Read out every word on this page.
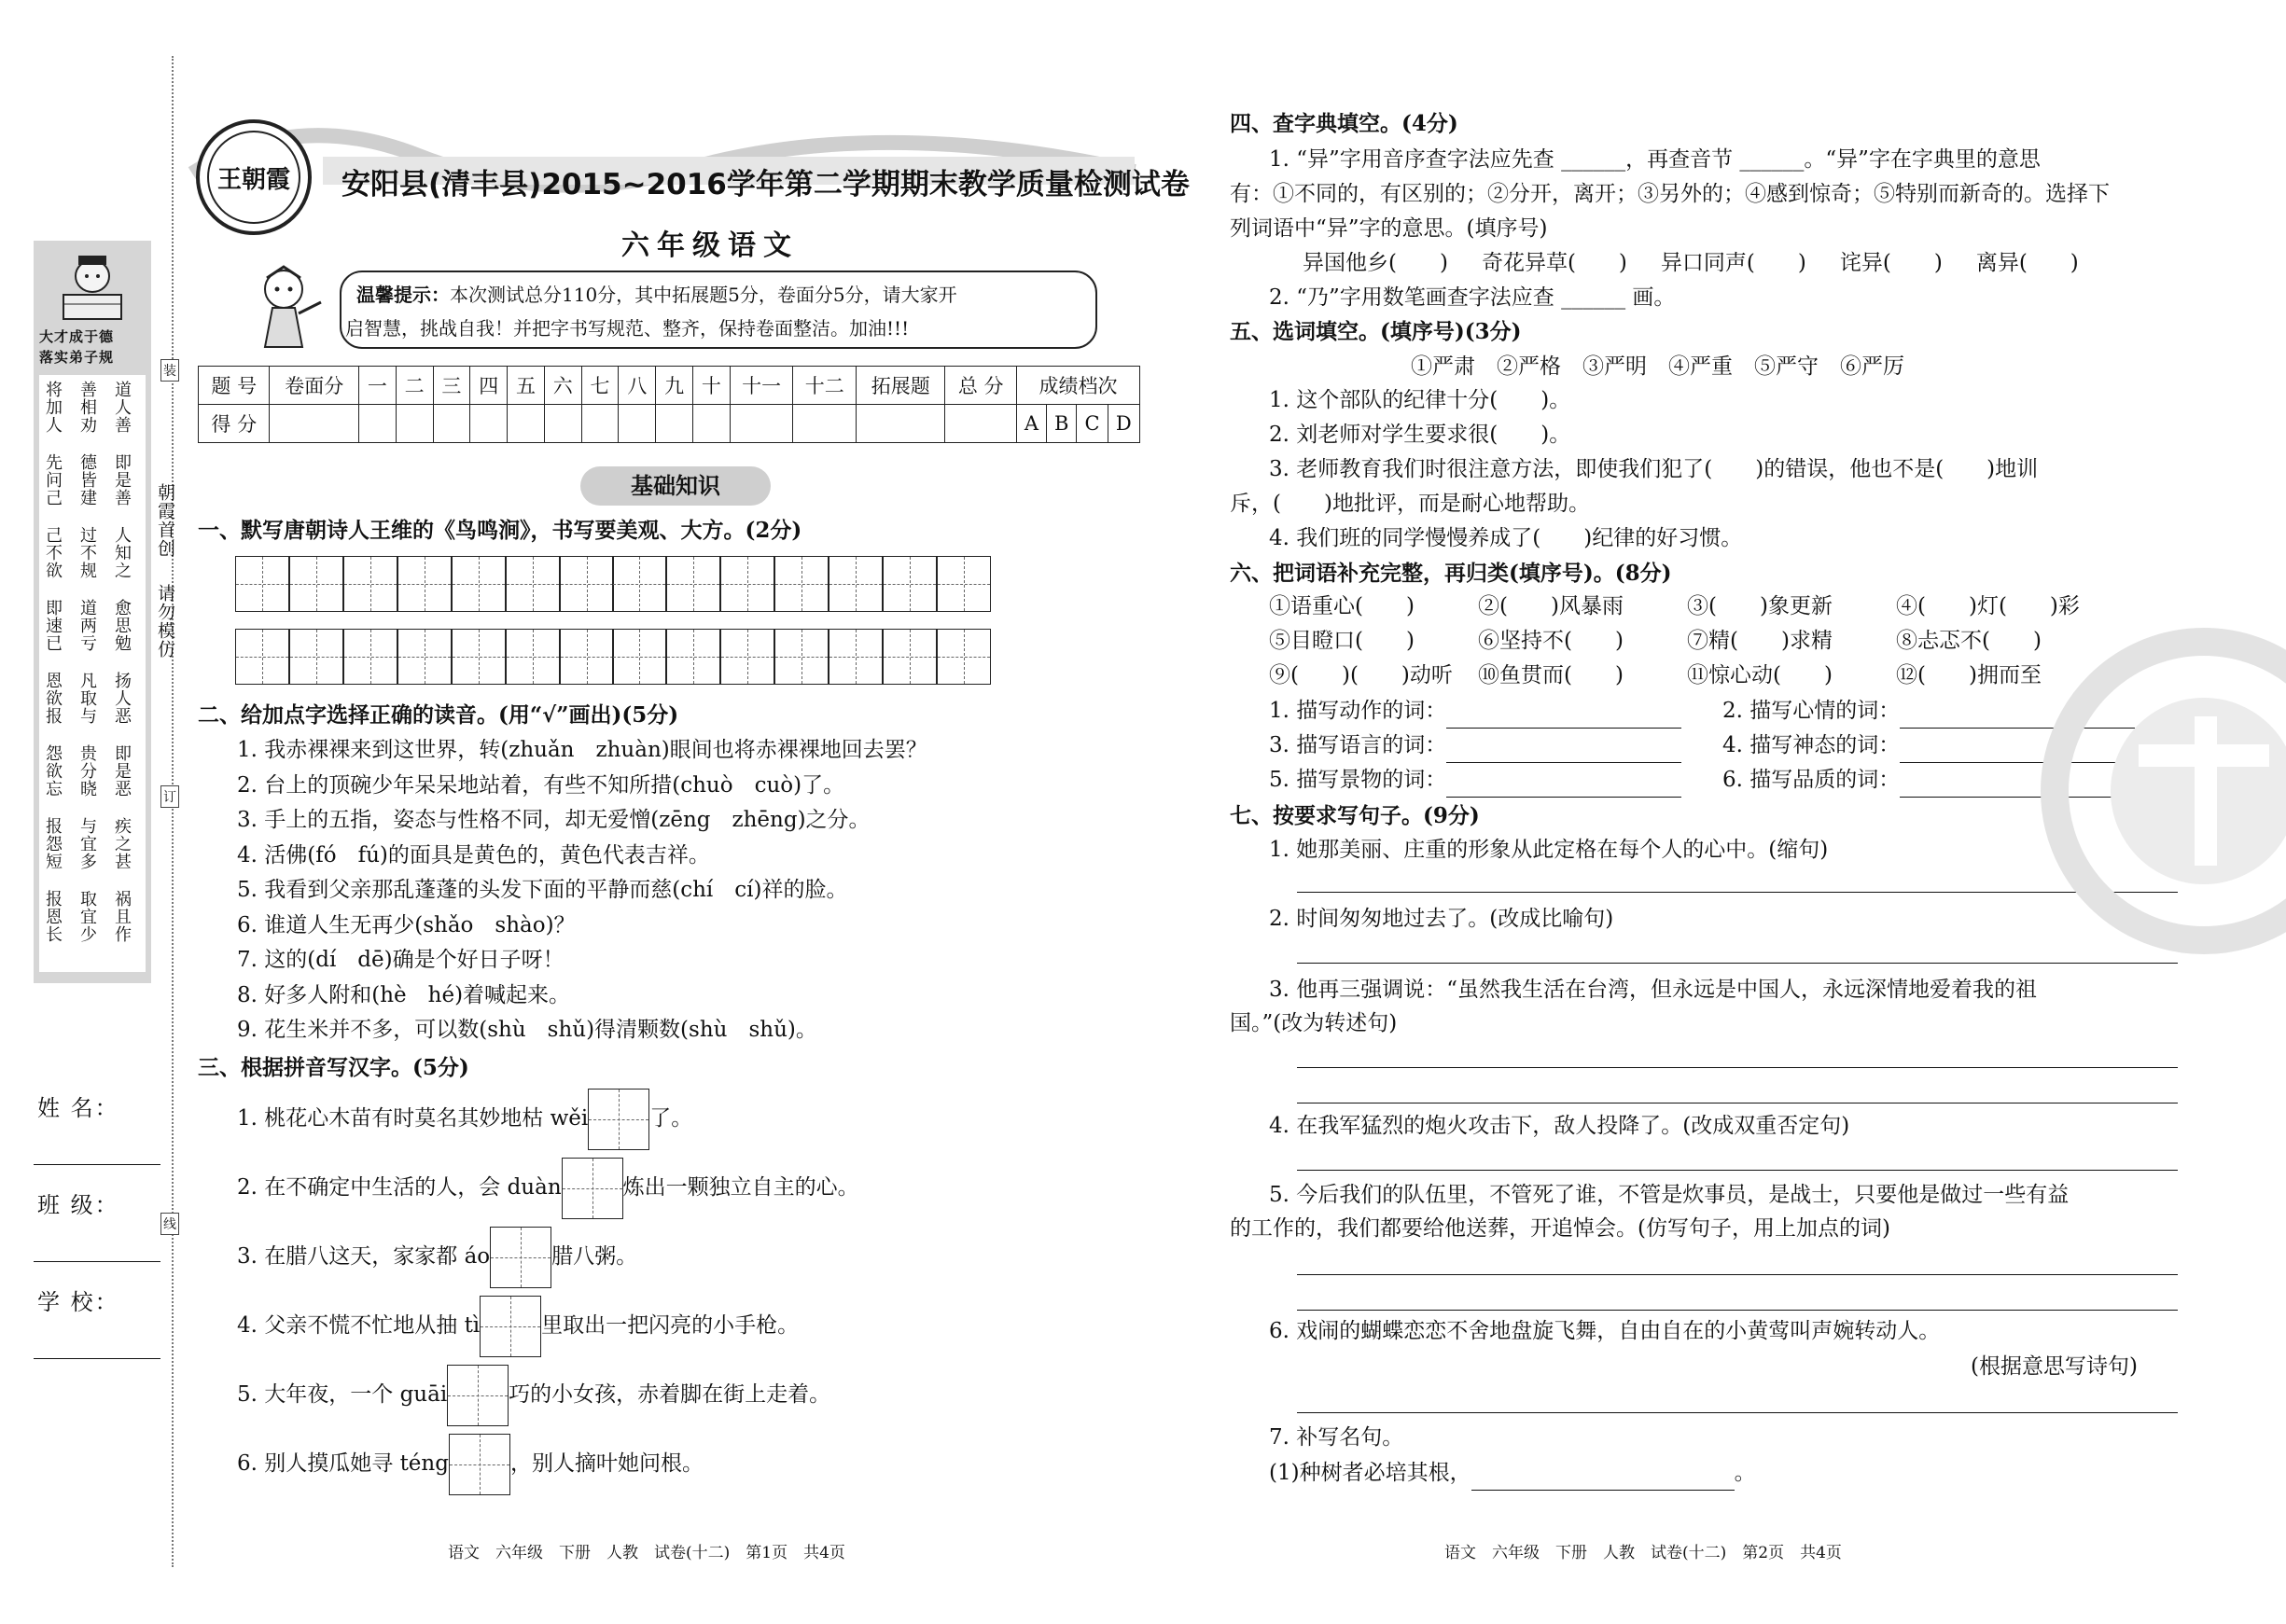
大才成于德
落实弟子规
将加人 善相劝 道人善
先问己 德皆建 即是善
己不欲 过不规 人知之
即速已 道两亏 愈思勉
恩欲报 凡取与 扬人恶
怨欲忘 贵分晓 即是恶
报怨短 与宜多 疾之甚
报恩长 取宜少 祸且作
朝霞首创
请勿模仿
装
订
线
姓 名：
班 级：
学 校：
王朝霞 安阳县(清丰县)2015~2016学年第二学期期末教学质量检测试卷
六年级语文
温馨提示：本次测试总分110分，其中拓展题5分，卷面分5分，请大家开
启智慧，挑战自我！并把字书写规范、整齐，保持卷面整洁。加油!!!
题 号	卷面分	一	二	三	四	五	六	七	八	九	十	十一	十二	拓展题	总 分	成绩档次			
得 分																A	B	C	D
基础知识
一、默写唐朝诗人王维的《鸟鸣涧》，书写要美观、大方。(2分)
二、给加点字选择正确的读音。(用“√”画出)(5分)
1. 我赤裸裸来到这世界，转(zhuǎn　zhuàn)眼间也将赤裸裸地回去罢？
2. 台上的顶碗少年呆呆地站着，有些不知所措(chuò　cuò)了。
3. 手上的五指，姿态与性格不同，却无爱憎(zēng　zhēng)之分。
4. 活佛(fó　fú)的面具是黄色的，黄色代表吉祥。
5. 我看到父亲那乱蓬蓬的头发下面的平静而慈(chí　cí)祥的脸。
6. 谁道人生无再少(shǎo　shào)？
7. 这的(dí　dē)确是个好日子呀！
8. 好多人附和(hè　hé)着喊起来。
9. 花生米并不多，可以数(shù　shǔ)得清颗数(shù　shǔ)。
三、根据拼音写汉字。(5分)
1. 桃花心木苗有时莫名其妙地枯 wěi	了。
2. 在不确定中生活的人，会 duàn	炼出一颗独立自主的心。
3. 在腊八这天，家家都 áo	腊八粥。
4. 父亲不慌不忙地从抽 tì	里取出一把闪亮的小手枪。
5. 大年夜，一个 guāi	巧的小女孩，赤着脚在街上走着。
6. 别人摸瓜她寻 téng	，别人摘叶她问根。
四、查字典填空。(4分)
1. “异”字用音序查字法应先查 ______，再查音节 ______。“异”字在字典里的意思
有：①不同的，有区别的；②分开，离开；③另外的；④感到惊奇；⑤特别而新奇的。选择下
列词语中“异”字的意思。(填序号)
异国他乡(　　) 奇花异草(　　) 异口同声(　　) 诧异(　　) 离异(　　)
2. “乃”字用数笔画查字法应查 ______ 画。
五、选词填空。(填序号)(3分)
①严肃　②严格　③严明　④严重　⑤严守　⑥严厉
1. 这个部队的纪律十分(　　)。
2. 刘老师对学生要求很(　　)。
3. 老师教育我们时很注意方法，即使我们犯了(　　)的错误，他也不是(　　)地训
斥，(　　)地批评，而是耐心地帮助。
4. 我们班的同学慢慢养成了(　　)纪律的好习惯。
六、把词语补充完整，再归类(填序号)。(8分)
①语重心(　　)	②(　　)风暴雨	③(　　)象更新	④(　　)灯(　　)彩
⑤目瞪口(　　)	⑥坚持不(　　)	⑦精(　　)求精	⑧忐忑不(　　)
⑨(　　)(　　)动听	⑩鱼贯而(　　)	⑪惊心动(　　)	⑫(　　)拥而至
1. 描写动作的词：	2. 描写心情的词：
3. 描写语言的词：	4. 描写神态的词：
5. 描写景物的词：	6. 描写品质的词：
七、按要求写句子。(9分)
1. 她那美丽、庄重的形象从此定格在每个人的心中。(缩句)
2. 时间匆匆地过去了。(改成比喻句)
3. 他再三强调说：“虽然我生活在台湾，但永远是中国人，永远深情地爱着我的祖
国。”(改为转述句)
4. 在我军猛烈的炮火攻击下，敌人投降了。(改成双重否定句)
5. 今后我们的队伍里，不管死了谁，不管是炊事员，是战士，只要他是做过一些有益
的工作的，我们都要给他送葬，开追悼会。(仿写句子，用上加点的词)
6. 戏闹的蝴蝶恋恋不舍地盘旋飞舞，自由自在的小黄莺叫声婉转动人。
(根据意思写诗句)
7. 补写名句。
(1)种树者必培其根，	。
语文　六年级　下册　人教　试卷(十二)　第1页　共4页	语文　六年级　下册　人教　试卷(十二)　第2页　共4页
